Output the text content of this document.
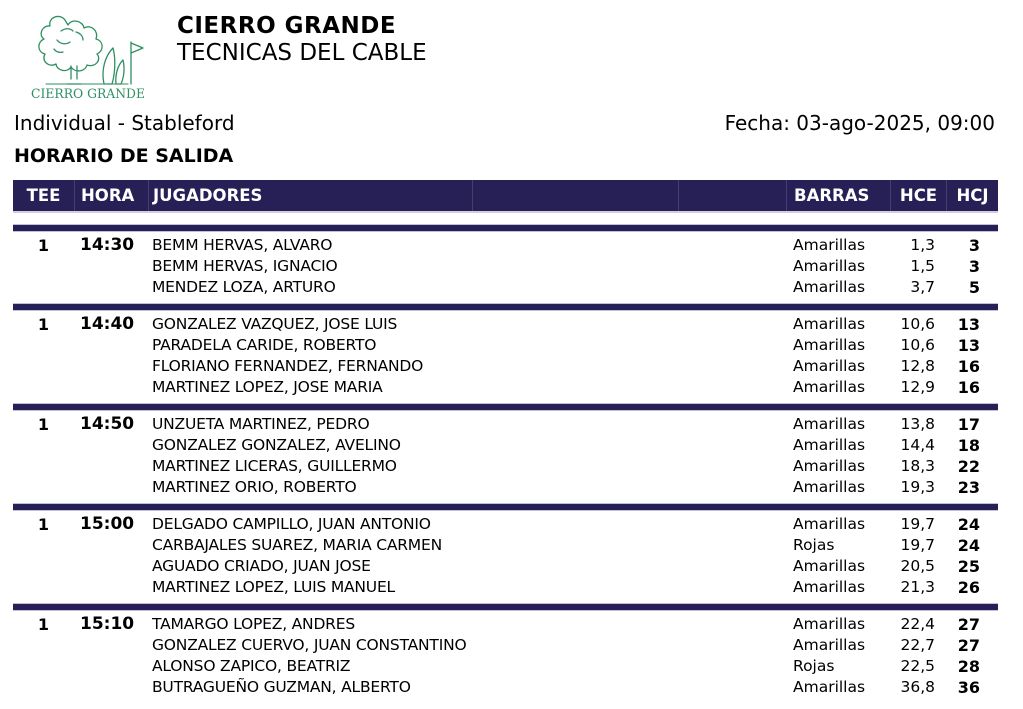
CIERRO GRANDE
CIERRO GRANDE
TECNICAS DEL CABLE
Individual - Stableford	Fecha: 03-ago-2025, 09:00
HORARIO DE SALIDA
TEE	HORA	JUGADORES	BARRAS	HCE	HCJ
1	14:30	BEMM HERVAS, ALVARO	Amarillas	1,3	3
BEMM HERVAS, IGNACIO	Amarillas	1,5	3
MENDEZ LOZA, ARTURO	Amarillas	3,7	5
1	14:40	GONZALEZ VAZQUEZ, JOSE LUIS	Amarillas	10,6	13
PARADELA CARIDE, ROBERTO	Amarillas	10,6	13
FLORIANO FERNANDEZ, FERNANDO	Amarillas	12,8	16
MARTINEZ LOPEZ, JOSE MARIA	Amarillas	12,9	16
1	14:50	UNZUETA MARTINEZ, PEDRO	Amarillas	13,8	17
GONZALEZ GONZALEZ, AVELINO	Amarillas	14,4	18
MARTINEZ LICERAS, GUILLERMO	Amarillas	18,3	22
MARTINEZ ORIO, ROBERTO	Amarillas	19,3	23
1	15:00	DELGADO CAMPILLO, JUAN ANTONIO	Amarillas	19,7	24
CARBAJALES SUAREZ, MARIA CARMEN	Rojas	19,7	24
AGUADO CRIADO, JUAN JOSE	Amarillas	20,5	25
MARTINEZ LOPEZ, LUIS MANUEL	Amarillas	21,3	26
1	15:10	TAMARGO LOPEZ, ANDRES	Amarillas	22,4	27
GONZALEZ CUERVO, JUAN CONSTANTINO	Amarillas	22,7	27
ALONSO ZAPICO, BEATRIZ	Rojas	22,5	28
BUTRAGUEÑO GUZMAN, ALBERTO	Amarillas	36,8	36
